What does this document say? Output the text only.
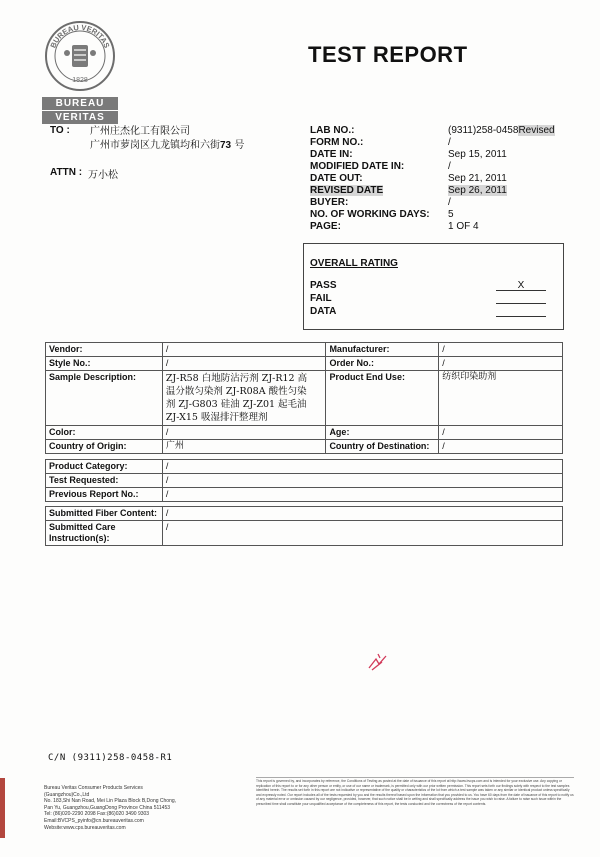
BUREAU VERITAS
1828
BUREAU
VERITAS
TEST REPORT
TO : 广州庄杰化工有限公司
广州市萝岗区九龙镇均和六街73 号
ATTN : 万小松
LAB NO.:	(9311)258-0458Revised
FORM NO.:	/
DATE IN:	Sep 15, 2011
MODIFIED DATE IN:	/
DATE OUT:	Sep 21, 2011
REVISED DATE	Sep 26, 2011
BUYER:	/
NO. OF WORKING DAYS:	5
PAGE:	1 OF 4
OVERALL RATING
PASS	X
FAIL
DATA
Vendor:	/	Manufacturer:	/
Style No.:	/	Order No.:	/
Sample Description:	ZJ-R58 白地防沾污剂 ZJ-R12 高
温分散匀染剂 ZJ-R08A 酸性匀染
剂 ZJ-G803 硅油 ZJ-Z01 起毛油
ZJ-X15 吸湿排汗整理剂	Product End Use:	纺织印染助剂
Color:	/	Age:	/
Country of Origin:	广州	Country of Destination:	/
Product Category:	/
Test Requested:	/
Previous Report No.:	/
Submitted Fiber Content:	/
Submitted Care Instruction(s):	/
C/N (9311)258-0458-R1
Bureau Veritas Consumer Products Services
(Guangzhou)Co.,Ltd
No. 183,Shi Nan Road, Mei Lin Plaza Block B,Dong Chong,
Pan Yu, Guangzhou,GuangDong Province China 511453
Tel: (86)020-2290 2098 Fax:(86)020 3490 9303
Email:BVCPS_pyinfo@cn.bureauveritas.com
Website:www.cps.bureauveritas.com
This report is governed by, and incorporates by reference, the Conditions of Testing as posted at the date of issuance of this report at http://www.bvcps.com and is intended for your exclusive use. Any copying or replication of this report to or for any other person or entity, or use of our name or trademark, is permitted only with our prior written permission. This report sets forth our findings solely with respect to the test samples identified herein. The results set forth in this report are not indicative or representative of the quality or characteristics of the lot from which a test sample was taken or any similar or identical product unless specifically and expressly noted. Our report includes all of the tests requested by you and the results thereof based upon the information that you provided to us. You have 60 days from the date of issuance of this report to notify us of any material error or omission caused by our negligence, provided, however, that such notice shall be in writing and shall specifically address the issue you wish to raise. A failure to raise such issue within the prescribed time shall constitute your unqualified acceptance of the completeness of this report, the tests conducted and the correctness of the report contents.
